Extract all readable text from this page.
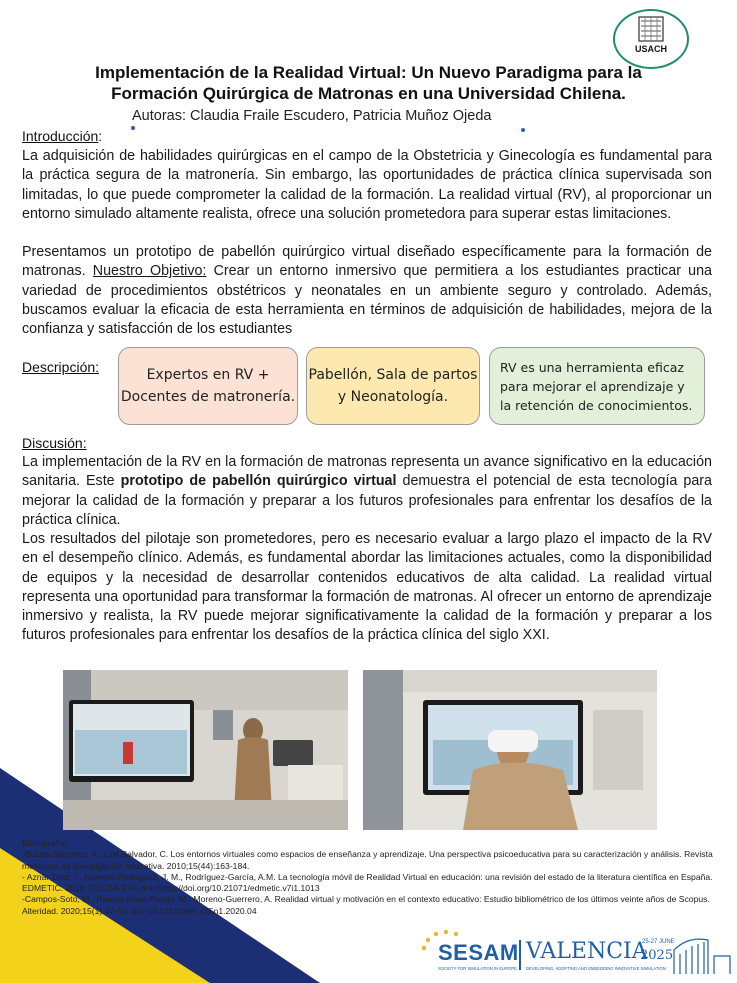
USACH
Implementación de la Realidad Virtual: Un Nuevo Paradigma para la
Formación Quirúrgica de Matronas en una Universidad Chilena.
Autoras: Claudia Fraile Escudero, Patricia Muñoz Ojeda
Introducción:
La adquisición de habilidades quirúrgicas en el campo de la Obstetricia y Ginecología es fundamental para la práctica segura de la matronería. Sin embargo, las oportunidades de práctica clínica supervisada son limitadas, lo que puede comprometer la calidad de la formación. La realidad virtual (RV), al proporcionar un entorno simulado altamente realista, ofrece una solución prometedora para superar estas limitaciones.
Presentamos un prototipo de pabellón quirúrgico virtual diseñado específicamente para la formación de matronas. Nuestro Objetivo: Crear un entorno inmersivo que permitiera a los estudiantes practicar una variedad de procedimientos obstétricos y neonatales en un ambiente seguro y controlado. Además, buscamos evaluar la eficacia de esta herramienta en términos de adquisición de habilidades, mejora de la confianza y satisfacción de los estudiantes
Descripción:	Expertos en RV + Docentes de matronería.
Pabellón, Sala de partos y Neonatología.
RV es una herramienta eficaz para mejorar el aprendizaje y la retención de conocimientos.
Discusión:
La implementación de la RV en la formación de matronas representa un avance significativo en la educación sanitaria. Este prototipo de pabellón quirúrgico virtual demuestra el potencial de esta tecnología para mejorar la calidad de la formación y preparar a los futuros profesionales para enfrentar los desafíos de la práctica clínica.
Los resultados del pilotaje son prometedores, pero es necesario evaluar a largo plazo el impacto de la RV en el desempeño clínico. Además, es fundamental abordar las limitaciones actuales, como la disponibilidad de equipos y la necesidad de desarrollar contenidos educativos de alta calidad. La realidad virtual representa una oportunidad para transformar la formación de matronas. Al ofrecer un entorno de aprendizaje inmersivo y realista, la RV puede mejorar significativamente la calidad de la formación y preparar a los futuros profesionales para enfrentar los desafíos de la práctica clínica del siglo XXI.

Bibliografía:

-Bustos Sánchez, A., Coll Salvador, C. Los entornos virtuales como espacios de enseñanza y aprendizaje. Una perspectiva psicoeducativa para su caracterización y análisis. Revista mexicana de investigación educativa. 2010;15(44):163-184.

- Aznar-Díaz, I., Romero-Rodríguez, J. M., Rodríguez-García, A.M. La tecnología móvil de Realidad Virtual en educación: una revisión del estado de la literatura científica en España. EDMETIC. 2018;7(1):256-274. doi: https://doi.org/10.21071/edmetic.v7i1.1013

-Campos-Soto, M., Ramos-Nava-Parejo, M., Moreno-Guerrero, A. Realidad virtual y motivación en el contexto educativo: Estudio bibliométrico de los últimos veinte años de Scopus. Alteridad. 2020;15(1):47-60. doi: 10.17163/alt. v15n1.2020.04

SESAM VALENCIA
25-27 JUNE
2025
SOCIETY FOR SIMULATION IN EUROPE DEVELOPING, ADOPTING AND EMBEDDING INNOVATIVE SIMULATION
